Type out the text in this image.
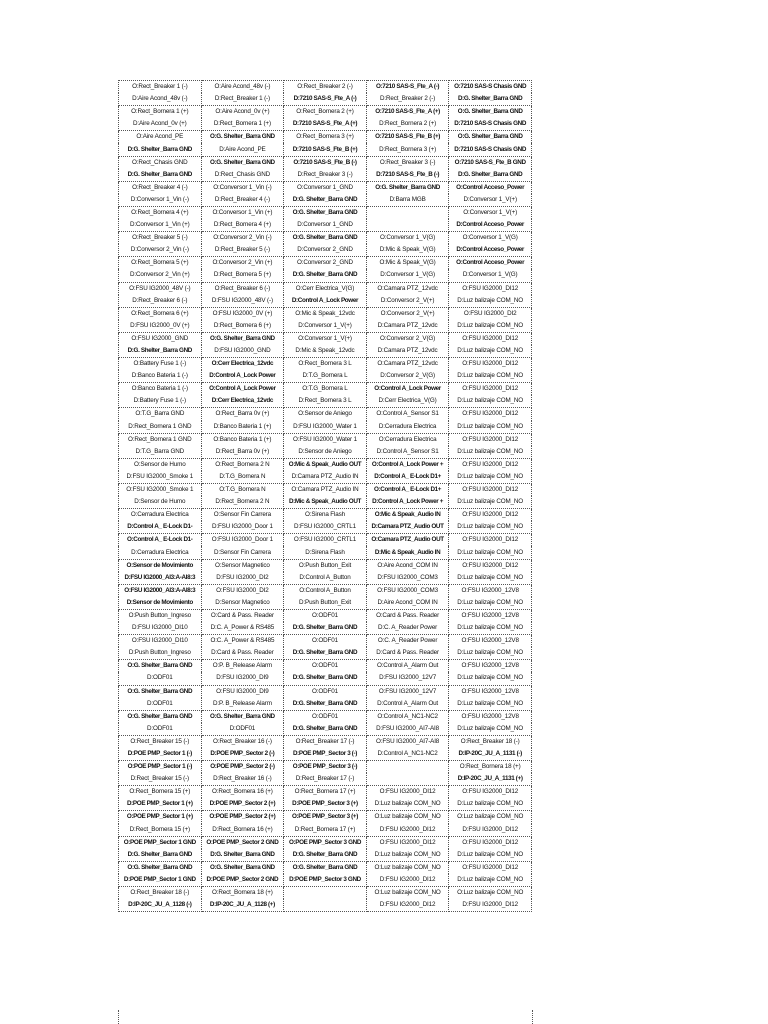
O:Rect_Breaker 1 (-)	O:Aire Acond_48v (-)	O:Rect_Breaker 2 (-)	O:7210 SAS-S_Fte_A (-)	O:7210 SAS-S Chasis GND
D:Aire Acond_48v (-)	D:Rect_Breaker 1 (-)	D:7210 SAS-S_Fte_A (-)	D:Rect_Breaker 2 (-)	D:G. Shelter_Barra GND
O:Rect_Bornera 1 (+)	O:Aire Acond_0v (+)	O:Rect_Bornera 2 (+)	O:7210 SAS-S_Fte_A (+)	O:G. Shelter_Barra GND
D:Aire Acond_0v (+)	D:Rect_Bornera 1 (+)	D:7210 SAS-S_Fte_A (+)	D:Rect_Bornera 2 (+)	D:7210 SAS-S Chasis GND
O:Aire Acond_PE	O:G. Shelter_Barra GND	O:Rect_Bornera 3 (+)	O:7210 SAS-S_Fte_B (+)	O:G. Shelter_Barra GND
D:G. Shelter_Barra GND	D:Aire Acond_PE	D:7210 SAS-S_Fte_B (+)	D:Rect_Bornera 3 (+)	D:7210 SAS-S Chasis GND
O:Rect_Chasis GND	O:G. Shelter_Barra GND	O:7210 SAS-S_Fte_B (-)	O:Rect_Breaker 3 (-)	O:7210 SAS-S_Fte_B GND
D:G. Shelter_Barra GND	D:Rect_Chasis GND	D:Rect_Breaker 3 (-)	D:7210 SAS-S_Fte_B (-)	D:G. Shelter_Barra GND
O:Rect_Breaker 4 (-)	O:Conversor 1_Vin (-)	O:Conversor 1_GND	O:G. Shelter_Barra GND	O:Control Acceso_Power
D:Conversor 1_Vin (-)	D:Rect_Breaker 4 (-)	D:G. Shelter_Barra GND	D:Barra MGB	D:Conversor 1_V(+)
O:Rect_Bornera 4 (+)	O:Conversor 1_Vin (+)	O:G. Shelter_Barra GND		O:Conversor 1_V(+)
D:Conversor 1_Vin (+)	D:Rect_Bornera 4 (+)	D:Conversor 1_GND		D:Control Acceso_Power
O:Rect_Breaker 5 (-)	O:Conversor 2_Vin (-)	O:G. Shelter_Barra GND	O:Conversor 1_V(G)	O:Conversor 1_V(G)
D:Conversor 2_Vin (-)	D:Rect_Breaker 5 (-)	D:Conversor 2_GND	D:Mic & Speak_V(G)	D:Control Acceso_Power
O:Rect_Bornera 5 (+)	O:Conversor 2_Vin (+)	O:Conversor 2_GND	O:Mic & Speak_V(G)	O:Control Acceso_Power
D:Conversor 2_Vin (+)	D:Rect_Bornera 5 (+)	D:G. Shelter_Barra GND	D:Conversor 1_V(G)	D:Conversor 1_V(G)
O:FSU IG2000_48V (-)	O:Rect_Breaker 6 (-)	O:Cerr Electrica_V(G)	O:Camara PTZ_12vdc	O:FSU IG2000_DI12
D:Rect_Breaker 6 (-)	D:FSU IG2000_48V (-)	D:Control A_Lock Power	D:Conversor 2_V(+)	D:Luz balizaje COM_NO
O:Rect_Bornera 6 (+)	O:FSU IG2000_0V (+)	O:Mic & Speak_12vdc	O:Conversor 2_V(+)	O:FSU IG2000_DI2
D:FSU IG2000_0V (+)	D:Rect_Bornera 6 (+)	D:Conversor 1_V(+)	D:Camara PTZ_12vdc	D:Luz balizaje COM_NO
O:FSU IG2000_GND	O:G. Shelter_Barra GND	O:Conversor 1_V(+)	O:Conversor 2_V(G)	O:FSU IG2000_DI12
D:G. Shelter_Barra GND	D:FSU IG2000_GND	D:Mic & Speak_12vdc	D:Camara PTZ_12vdc	D:Luz balizaje COM_NO
O:Battery Fuse 1 (-)	O:Cerr Electrica_12vdc	O:Rect_Bornera 3 L	O:Camara PTZ_12vdc	O:FSU IG2000_DI12
D:Banco Bateria 1 (-)	D:Control A_Lock Power	D:T.G_Bornera L	D:Conversor 2_V(G)	D:Luz balizaje COM_NO
O:Banco Bateria 1 (-)	O:Control A_Lock Power	O:T.G_Bornera L	O:Control A_Lock Power	O:FSU IG2000_DI12
D:Battery Fuse 1 (-)	D:Cerr Electrica_12vdc	D:Rect_Bornera 3 L	D:Cerr Electrica_V(G)	D:Luz balizaje COM_NO
O:T.G_Barra GND	O:Rect_Barra 0v (+)	O:Sensor de Aniego	O:Control A_Sensor S1	O:FSU IG2000_DI12
D:Rect_Bornera 1 GND	D:Banco Bateria 1 (+)	D:FSU IG2000_Water 1	D:Cerradura Electrica	D:Luz balizaje COM_NO
O:Rect_Bornera 1 GND	O:Banco Bateria 1 (+)	O:FSU IG2000_Water 1	O:Cerradura Electrica	O:FSU IG2000_DI12
D:T.G_Barra GND	D:Rect_Barra 0v (+)	D:Sensor de Aniego	D:Control A_Sensor S1	D:Luz balizaje COM_NO
O:Sensor de Humo	O:Rect_Bornera 2 N	O:Mic & Speak_Audio OUT	O:Control A_Lock Power +	O:FSU IG2000_DI12
D:FSU IG2000_Smoke 1	D:T.G_Bornera N	D:Camara PTZ_Audio IN	D:Control A_ E-Lock D1+	D:Luz balizaje COM_NO
O:FSU IG2000_Smoke 1	O:T.G_Bornera N	O:Camara PTZ_Audio IN	O:Control A_ E-Lock D1+	O:FSU IG2000_DI12
D:Sensor de Humo	D:Rect_Bornera 2 N	D:Mic & Speak_Audio OUT	D:Control A_Lock Power +	D:Luz balizaje COM_NO
O:Cerradura Electrica	O:Sensor Fin Carrera	O:Sirena Flash	O:Mic & Speak_Audio IN	O:FSU IG2000_DI12
D:Control A_ E-Lock D1-	D:FSU IG2000_Door 1	D:FSU IG2000_CRTL1	D:Camara PTZ_Audio OUT	D:Luz balizaje COM_NO
O:Control A_ E-Lock D1-	O:FSU IG2000_Door 1	O:FSU IG2000_CRTL1	O:Camara PTZ_Audio OUT	O:FSU IG2000_DI12
D:Cerradura Electrica	D:Sensor Fin Carrera	D:Sirena Flash	D:Mic & Speak_Audio IN	D:Luz balizaje COM_NO
O:Sensor de Movimiento	O:Sensor Magnetico	O:Push Button_Exit	O:Aire Acond_COM IN	O:FSU IG2000_DI12
D:FSU IG2000_AI3:A-AI8:3	D:FSU IG2000_DI2	D:Control A_Button	D:FSU IG2000_COM3	D:Luz balizaje COM_NO
O:FSU IG2000_AI3:A-AI8:3	O:FSU IG2000_DI2	O:Control A_Button	O:FSU IG2000_COM3	O:FSU IG2000_12V8
D:Sensor de Movimiento	D:Sensor Magnetico	D:Push Button_Exit	D:Aire Acond_COM IN	D:Luz balizaje COM_NO
O:Push Button_Ingreso	O:Card & Pass. Reader	O:ODF01	O:Card & Pass. Reader	O:FSU IG2000_12V8
D:FSU IG2000_DI10	D:C. A_Power & RS485	D:G. Shelter_Barra GND	D:C. A_Reader Power	D:Luz balizaje COM_NO
O:FSU IG2000_DI10	O:C. A_Power & RS485	O:ODF01	O:C. A_Reader Power	O:FSU IG2000_12V8
D:Push Button_Ingreso	D:Card & Pass. Reader	D:G. Shelter_Barra GND	D:Card & Pass. Reader	D:Luz balizaje COM_NO
O:G. Shelter_Barra GND	O:P. B_Release Alarm	O:ODF01	O:Control A_Alarm Out	O:FSU IG2000_12V8
D:ODF01	D:FSU IG2000_DI9	D:G. Shelter_Barra GND	D:FSU IG2000_12V7	D:Luz balizaje COM_NO
O:G. Shelter_Barra GND	O:FSU IG2000_DI9	O:ODF01	O:FSU IG2000_12V7	O:FSU IG2000_12V8
D:ODF01	D:P. B_Release Alarm	D:G. Shelter_Barra GND	D:Control A_Alarm Out	D:Luz balizaje COM_NO
O:G. Shelter_Barra GND	O:G. Shelter_Barra GND	O:ODF01	O:Control A_NC1-NC2	O:FSU IG2000_12V8
D:ODF01	D:ODF01	D:G. Shelter_Barra GND	D:FSU IG2000_AI7-AI8	D:Luz balizaje COM_NO
O:Rect_Breaker 15 (-)	O:Rect_Breaker 16 (-)	O:Rect_Breaker 17 (-)	O:FSU IG2000_AI7-AI8	O:Rect_Breaker 18 (-)
D:POE PMP_Sector 1 (-)	D:POE PMP_Sector 2 (-)	D:POE PMP_Sector 3 (-)	D:Control A_NC1-NC2	D:IP-20C_JU_A_1131 (-)
O:POE PMP_Sector 1 (-)	O:POE PMP_Sector 2 (-)	O:POE PMP_Sector 3 (-)		O:Rect_Bornera 18 (+)
D:Rect_Breaker 15 (-)	D:Rect_Breaker 16 (-)	D:Rect_Breaker 17 (-)		D:IP-20C_JU_A_1131 (+)
O:Rect_Bornera 15 (+)	O:Rect_Bornera 16 (+)	O:Rect_Bornera 17 (+)	O:FSU IG2000_DI12	O:FSU IG2000_DI12
D:POE PMP_Sector 1 (+)	D:POE PMP_Sector 2 (+)	D:POE PMP_Sector 3 (+)	D:Luz balizaje COM_NO	D:Luz balizaje COM_NO
O:POE PMP_Sector 1 (+)	O:POE PMP_Sector 2 (+)	O:POE PMP_Sector 3 (+)	O:Luz balizaje COM_NO	O:Luz balizaje COM_NO
D:Rect_Bornera 15 (+)	D:Rect_Bornera 16 (+)	D:Rect_Bornera 17 (+)	D:FSU IG2000_DI12	D:FSU IG2000_DI12
O:POE PMP_Sector 1 GND	O:POE PMP_Sector 2 GND	O:POE PMP_Sector 3 GND	O:FSU IG2000_DI12	O:FSU IG2000_DI12
D:G. Shelter_Barra GND	D:G. Shelter_Barra GND	D:G. Shelter_Barra GND	D:Luz balizaje COM_NO	D:Luz balizaje COM_NO
O:G. Shelter_Barra GND	O:G. Shelter_Barra GND	O:G. Shelter_Barra GND	O:Luz balizaje COM_NO	O:FSU IG2000_DI12
D:POE PMP_Sector 1 GND	D:POE PMP_Sector 2 GND	D:POE PMP_Sector 3 GND	D:FSU IG2000_DI12	D:Luz balizaje COM_NO
O:Rect_Breaker 18 (-)	O:Rect_Bornera 18 (+)		O:Luz balizaje COM_NO	O:Luz balizaje COM_NO
D:IP-20C_JU_A_1128 (-)	D:IP-20C_JU_A_1128 (+)		D:FSU IG2000_DI12	D:FSU IG2000_DI12
